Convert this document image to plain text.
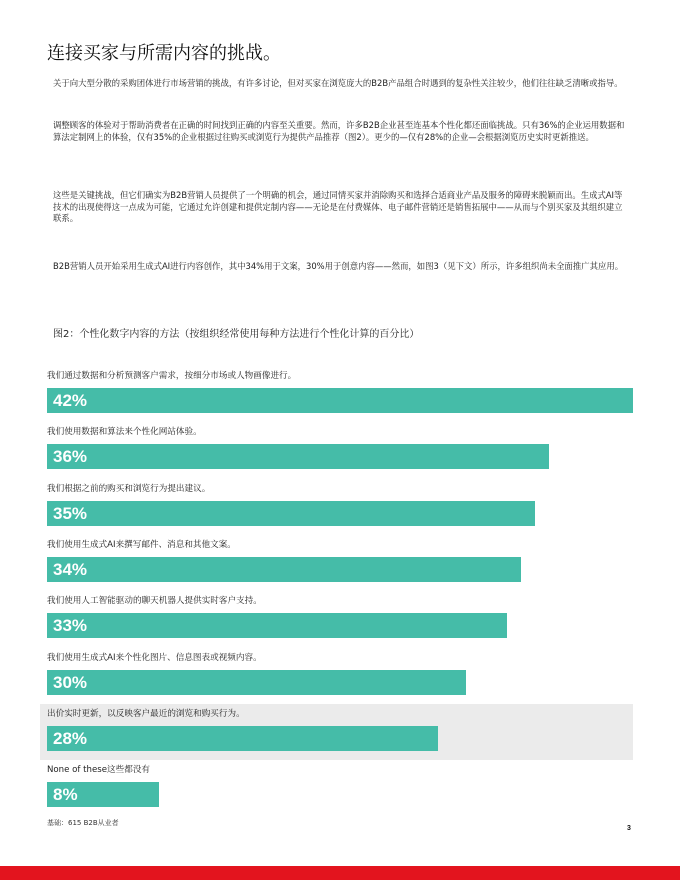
连接买家与所需内容的挑战。
关于向大型分散的采购团体进行市场营销的挑战，有许多讨论，但对买家在浏览庞大的B2B产品组合时遇到的复杂性关注较少，他们往往缺乏清晰或指导。
调整顾客的体验对于帮助消费者在正确的时间找到正确的内容至关重要。然而，许多B2B企业甚至连基本个性化都还面临挑战。只有36%的企业运用数据和算法定制网上的体验，仅有35%的企业根据过往购买或浏览行为提供产品推荐（图2）。更少的—仅有28%的企业—会根据浏览历史实时更新推送。
这些是关键挑战，但它们确实为B2B营销人员提供了一个明确的机会，通过同情买家并消除购买和选择合适商业产品及服务的障碍来脱颖而出。生成式AI等技术的出现使得这一点成为可能，它通过允许创建和提供定制内容——无论是在付费媒体、电子邮件营销还是销售拓展中——从而与个别买家及其组织建立联系。
B2B营销人员开始采用生成式AI进行内容创作，其中34%用于文案，30%用于创意内容——然而，如图3（见下文）所示，许多组织尚未全面推广其应用。
图2：个性化数字内容的方法（按组织经常使用每种方法进行个性化计算的百分比）
我们通过数据和分析预测客户需求，按细分市场或人物画像进行。
42%
我们使用数据和算法来个性化网站体验。
36%
我们根据之前的购买和浏览行为提出建议。
35%
我们使用生成式AI来撰写邮件、消息和其他文案。
34%
我们使用人工智能驱动的聊天机器人提供实时客户支持。
33%
我们使用生成式AI来个性化图片、信息图表或视频内容。
30%
出价实时更新，以反映客户最近的浏览和购买行为。
28%
None of these这些都没有
8%
基础：615 B2B从业者
3
